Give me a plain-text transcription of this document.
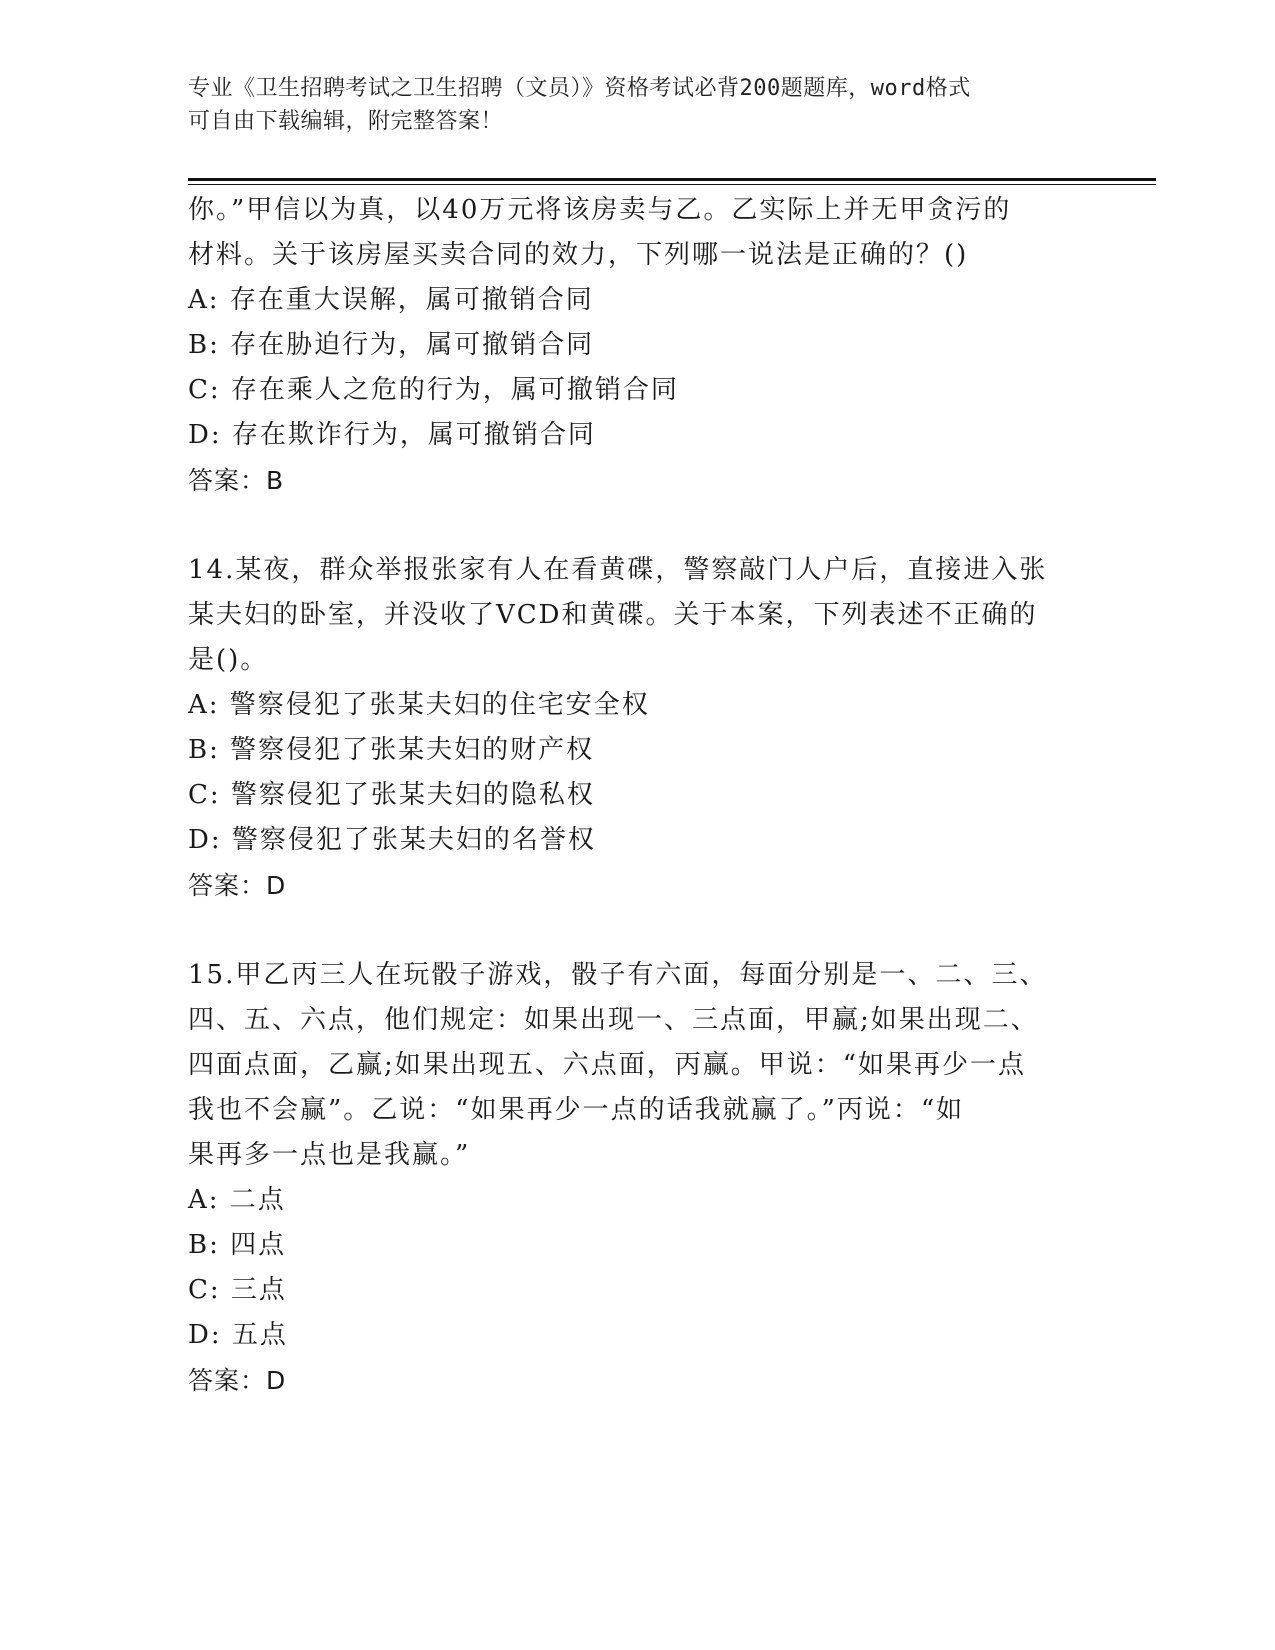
专业《卫生招聘考试之卫生招聘（文员）》资格考试必背200题题库，word格式
可自由下载编辑，附完整答案！
你。”甲信以为真，以40万元将该房卖与乙。乙实际上并无甲贪污的
材料。关于该房屋买卖合同的效力，下列哪一说法是正确的？()
A: 存在重大误解，属可撤销合同
B: 存在胁迫行为，属可撤销合同
C: 存在乘人之危的行为，属可撤销合同
D: 存在欺诈行为，属可撤销合同
答案：B
14.某夜，群众举报张家有人在看黄碟，警察敲门人户后，直接进入张
某夫妇的卧室，并没收了VCD和黄碟。关于本案，下列表述不正确的
是()。
A: 警察侵犯了张某夫妇的住宅安全权
B: 警察侵犯了张某夫妇的财产权
C: 警察侵犯了张某夫妇的隐私权
D: 警察侵犯了张某夫妇的名誉权
答案：D
15.甲乙丙三人在玩骰子游戏，骰子有六面，每面分别是一、二、三、
四、五、六点，他们规定：如果出现一、三点面，甲赢;如果出现二、
四面点面，乙赢;如果出现五、六点面，丙赢。甲说：“如果再少一点
我也不会赢”。乙说：“如果再少一点的话我就赢了。”丙说：“如
果再多一点也是我赢。”
A: 二点
B: 四点
C: 三点
D: 五点
答案：D
